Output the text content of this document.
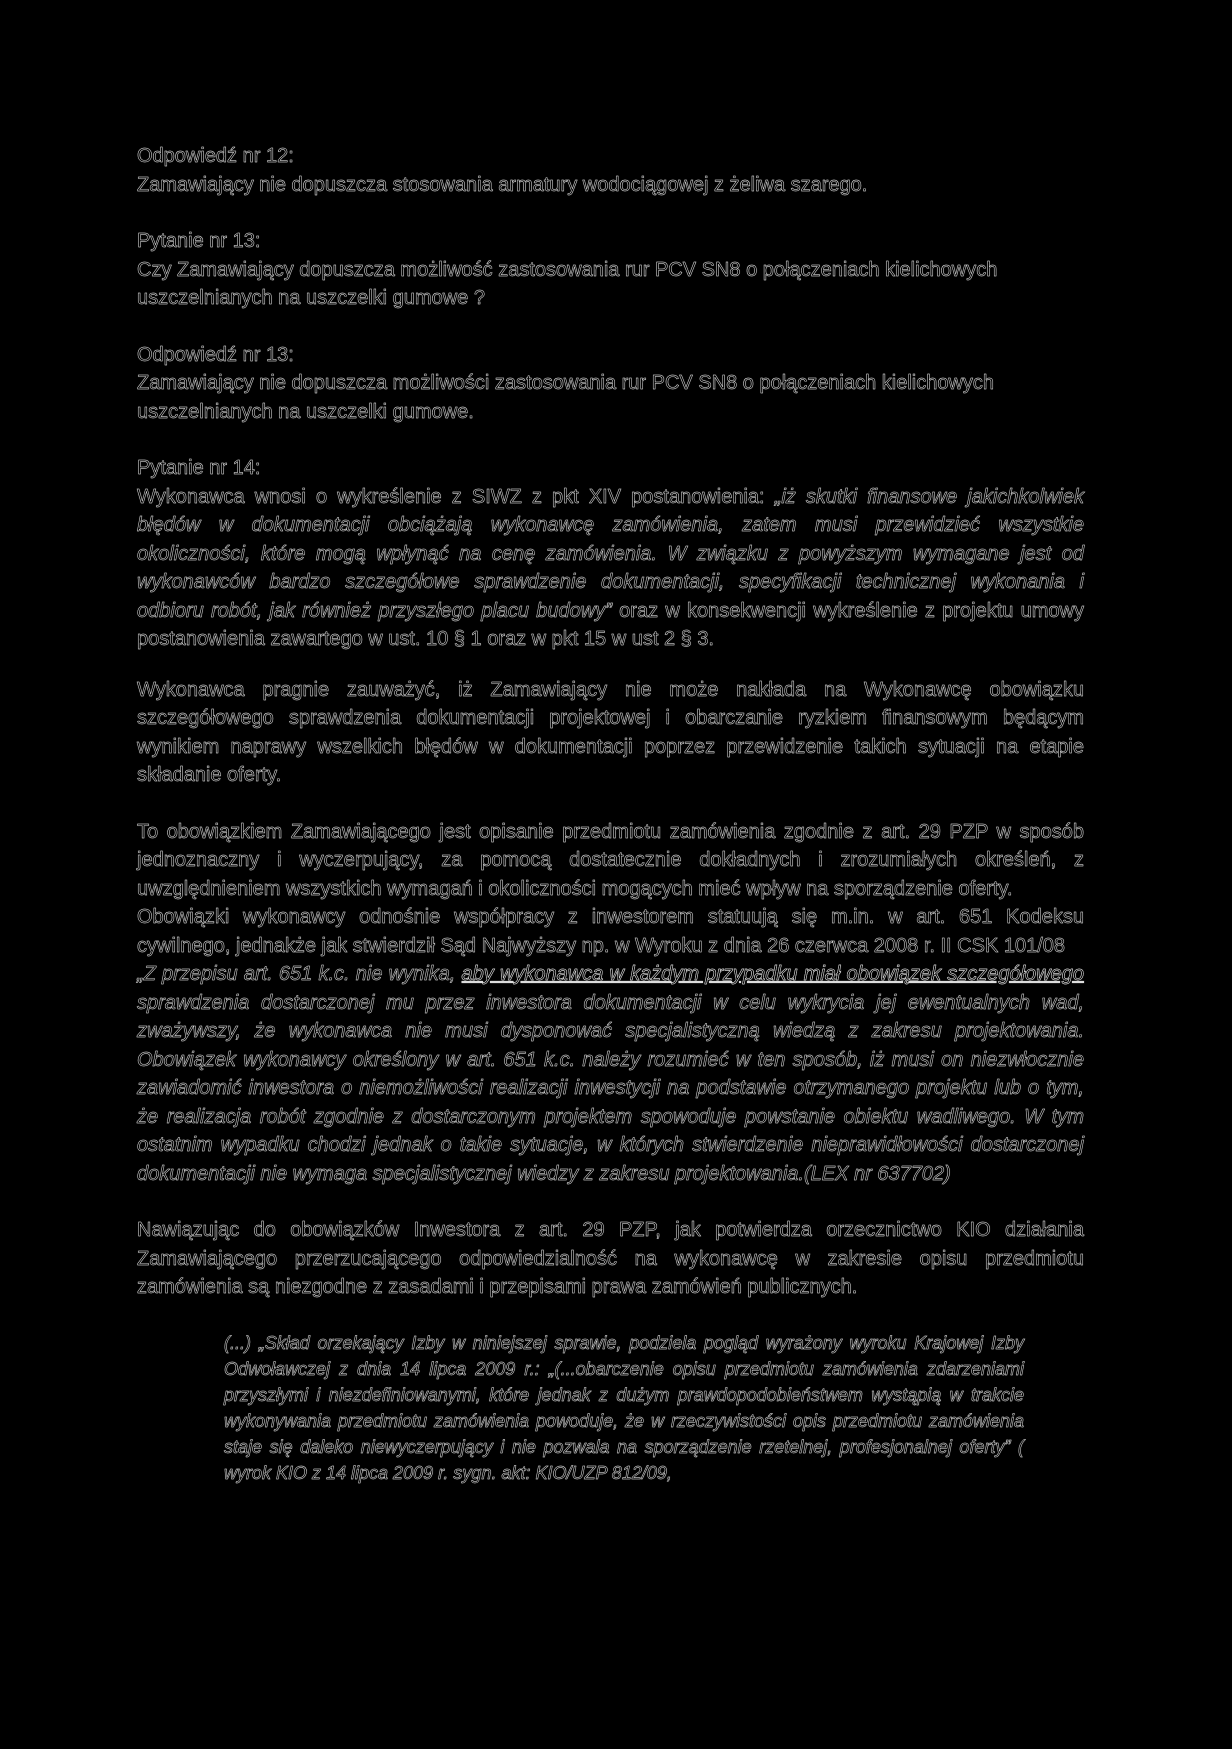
Odpowiedź nr 12:

Zamawiający nie dopuszcza stosowania armatury wodociągowej z żeliwa szarego.

Pytanie nr 13:

Czy Zamawiający dopuszcza możliwość zastosowania rur PCV SN8 o połączeniach kielichowych uszczelnianych na uszczelki gumowe ?

Odpowiedź nr 13:

Zamawiający nie dopuszcza możliwości zastosowania rur PCV SN8 o połączeniach kielichowych uszczelnianych na uszczelki gumowe.

Pytanie nr 14:

Wykonawca wnosi o wykreślenie z SIWZ z pkt XIV postanowienia: „iż skutki finansowe jakichkolwiek błędów w dokumentacji obciążają wykonawcę zamówienia, zatem musi przewidzieć wszystkie okoliczności, które mogą wpłynąć na cenę zamówienia. W związku z powyższym wymagane jest od wykonawców bardzo szczegółowe sprawdzenie dokumentacji, specyfikacji technicznej wykonania i odbioru robót, jak również przyszłego placu budowy” oraz w konsekwencji wykreślenie z projektu umowy postanowienia zawartego w ust. 10 § 1 oraz w pkt 15 w ust 2 § 3.

Wykonawca pragnie zauważyć, iż Zamawiający nie może nakłada na Wykonawcę obowiązku szczegółowego sprawdzenia dokumentacji projektowej i obarczanie ryzkiem finansowym będącym wynikiem naprawy wszelkich błędów w dokumentacji poprzez przewidzenie takich sytuacji na etapie składanie oferty.

To obowiązkiem Zamawiającego jest opisanie przedmiotu zamówienia zgodnie z art. 29 PZP w sposób jednoznaczny i wyczerpujący, za pomocą dostatecznie dokładnych i zrozumiałych określeń, z uwzględnieniem wszystkich wymagań i okoliczności mogących mieć wpływ na sporządzenie oferty.

Obowiązki wykonawcy odnośnie współpracy z inwestorem statuują się m.in. w art. 651 Kodeksu cywilnego, jednakże jak stwierdził Sąd Najwyższy np. w Wyroku z dnia 26 czerwca 2008 r. II CSK 101/08

„Z przepisu art. 651 k.c. nie wynika, aby wykonawca w każdym przypadku miał obowiązek szczegółowego sprawdzenia dostarczonej mu przez inwestora dokumentacji w celu wykrycia jej ewentualnych wad, zważywszy, że wykonawca nie musi dysponować specjalistyczną wiedzą z zakresu projektowania. Obowiązek wykonawcy określony w art. 651 k.c. należy rozumieć w ten sposób, iż musi on niezwłocznie zawiadomić inwestora o niemożliwości realizacji inwestycji na podstawie otrzymanego projektu lub o tym, że realizacja robót zgodnie z dostarczonym projektem spowoduje powstanie obiektu wadliwego. W tym ostatnim wypadku chodzi jednak o takie sytuacje, w których stwierdzenie nieprawidłowości dostarczonej dokumentacji nie wymaga specjalistycznej wiedzy z zakresu projektowania.(LEX nr 637702)

Nawiązując do obowiązków Inwestora z art. 29 PZP, jak potwierdza orzecznictwo KIO działania Zamawiającego przerzucającego odpowiedzialność na wykonawcę w zakresie opisu przedmiotu zamówienia są niezgodne z zasadami i przepisami prawa zamówień publicznych.

(...) „Skład orzekający Izby w niniejszej sprawie, podziela pogląd wyrażony wyroku Krajowej Izby Odwoławczej z dnia 14 lipca 2009 r.: „(...obarczenie opisu przedmiotu zamówienia zdarzeniami przyszłymi i niezdefiniowanymi, które jednak z dużym prawdopodobieństwem wystąpią w trakcie wykonywania przedmiotu zamówienia powoduje, że w rzeczywistości opis przedmiotu zamówienia staje się daleko niewyczerpujący i nie pozwala na sporządzenie rzetelnej, profesjonalnej oferty” ( wyrok KIO z 14 lipca 2009 r. sygn. akt: KIO/UZP 812/09,
